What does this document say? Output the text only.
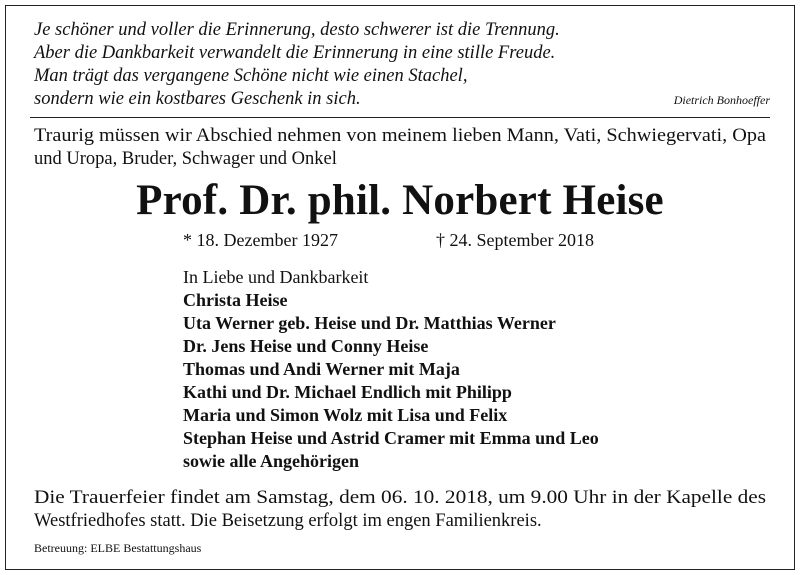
Je schöner und voller die Erinnerung, desto schwerer ist die Trennung.
Aber die Dankbarkeit verwandelt die Erinnerung in eine stille Freude.
Man trägt das vergangene Schöne nicht wie einen Stachel,
sondern wie ein kostbares Geschenk in sich.	Dietrich Bonhoeffer
Traurig müssen wir Abschied nehmen von meinem lieben Mann, Vati, Schwiegervati, Opa
und Uropa, Bruder, Schwager und Onkel
Prof. Dr. phil. Norbert Heise
* 18. Dezember 1927	† 24. September 2018
In Liebe und Dankbarkeit
Christa Heise
Uta Werner geb. Heise und Dr. Matthias Werner
Dr. Jens Heise und Conny Heise
Thomas und Andi Werner mit Maja
Kathi und Dr. Michael Endlich mit Philipp
Maria und Simon Wolz mit Lisa und Felix
Stephan Heise und Astrid Cramer mit Emma und Leo
sowie alle Angehörigen
Die Trauerfeier findet am Samstag, dem 06. 10. 2018, um 9.00 Uhr in der Kapelle des
Westfriedhofes statt. Die Beisetzung erfolgt im engen Familienkreis.
Betreuung: ELBE Bestattungshaus
